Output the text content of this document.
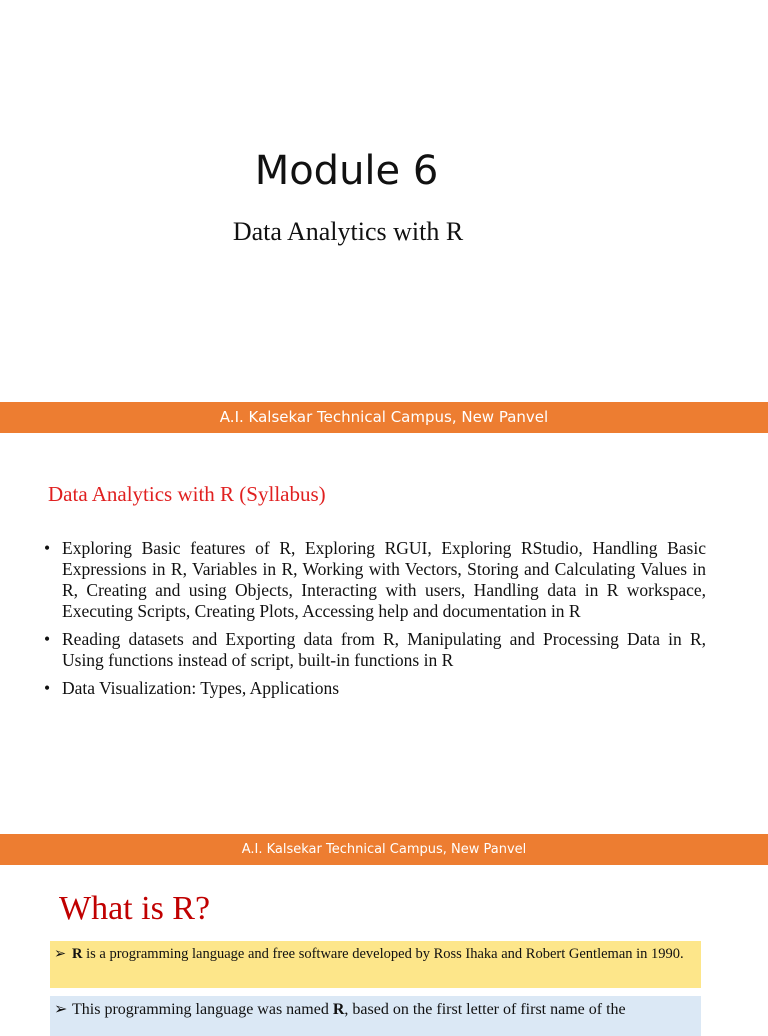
Module 6
Data Analytics with R
A.I. Kalsekar Technical Campus, New Panvel
Data Analytics with R (Syllabus)
• Exploring Basic features of R, Exploring RGUI, Exploring RStudio, Handling Basic Expressions in R, Variables in R, Working with Vectors, Storing and Calculating Values in R, Creating and using Objects, Interacting with users, Handling data in R workspace, Executing Scripts, Creating Plots, Accessing help and documentation in R
• Reading datasets and Exporting data from R, Manipulating and Processing Data in R, Using functions instead of script, built-in functions in R
• Data Visualization: Types, Applications
A.I. Kalsekar Technical Campus, New Panvel
What is R?
➢ R is a programming language and free software developed by Ross Ihaka and Robert Gentleman in 1990.
➢ This programming language was named R, based on the first letter of first name of the
